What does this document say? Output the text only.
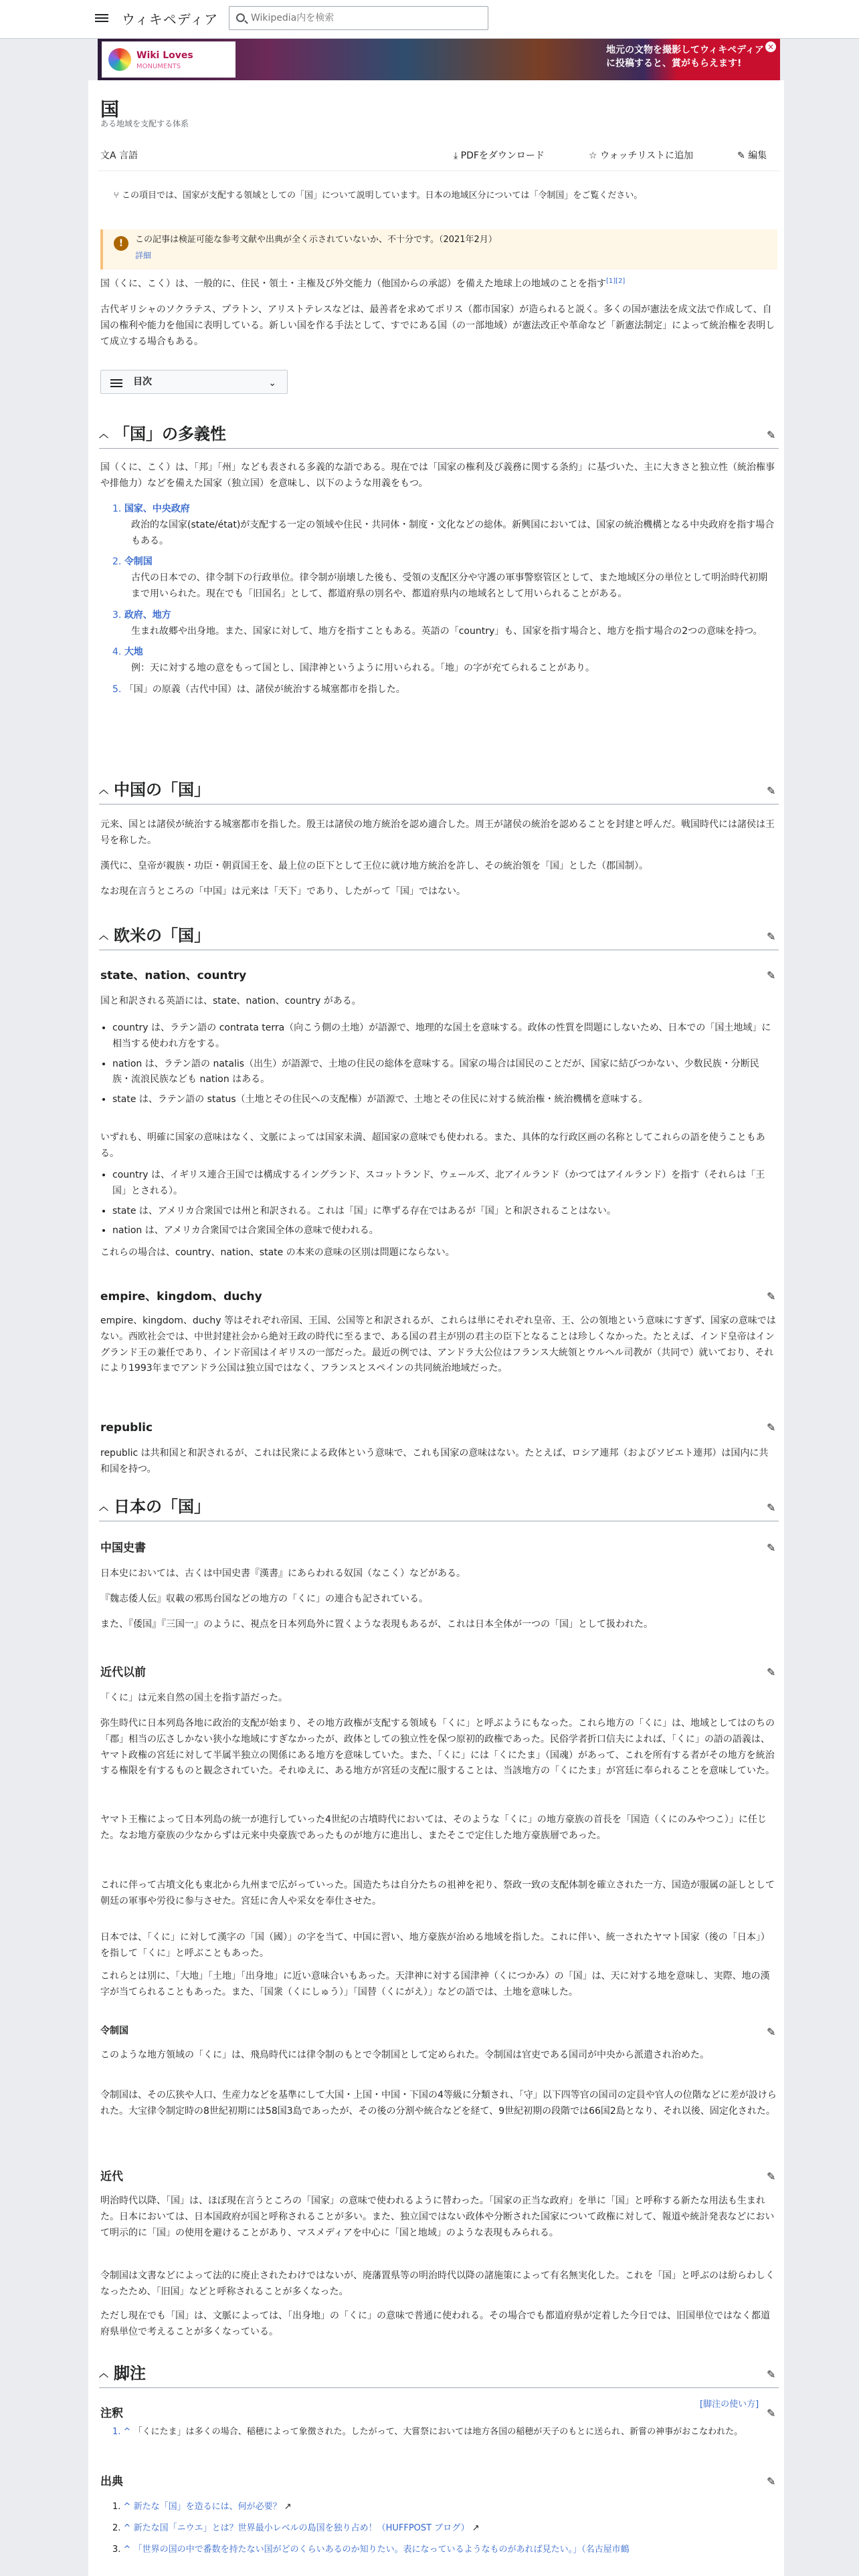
ウィキペディア
Wikipedia内を検索
Wiki Loves
MONUMENTS
地元の文物を撮影してウィキペディアに投稿すると、賞がもらえます!
×
国
ある地域を支配する体系
文A 言語	⤓ PDFをダウンロード	☆ ウォッチリストに追加	✎ 編集
⑂ この項目では、国家が支配する領域としての「国」について説明しています。日本の地域区分については「令制国」をご覧ください。
!	この記事は検証可能な参考文献や出典が全く示されていないか、不十分です。（2021年2月）
詳細

国（くに、こく）は、一般的に、住民・領土・主権及び外交能力（他国からの承認）を備えた地球上の地域のことを指す[1][2]

古代ギリシャのソクラテス、プラトン、アリストテレスなどは、最善者を求めてポリス（都市国家）が造られると説く。多くの国が憲法を成文法で作成して、自国の権利や能力を他国に表明している。新しい国を作る手法として、すでにある国（の一部地域）が憲法改正や革命など「新憲法制定」によって統治権を表明して成立する場合もある。

目次	⌄
︿ 「国」の多義性	✎

国（くに、こく）は、「邦」「州」なども表される多義的な語である。現在では「国家の権利及び義務に関する条約」に基づいた、主に大きさと独立性（統治権事や排他力）などを備えた国家（独立国）を意味し、以下のような用義をもつ。

1. 国家、中央政府
政治的な国家(state/état)が支配する一定の領域や住民・共同体・制度・文化などの総体。新興国においては、国家の統治機構となる中央政府を指す場合もある。
2. 令制国
古代の日本での、律令制下の行政単位。律令制が崩壊した後も、受領の支配区分や守護の軍事警察管区として、また地域区分の単位として明治時代初期まで用いられた。現在でも「旧国名」として、都道府県の別名や、都道府県内の地域名として用いられることがある。
3. 政府、地方
生まれ故郷や出身地。また、国家に対して、地方を指すこともある。英語の「country」も、国家を指す場合と、地方を指す場合の2つの意味を持つ。
4. 大地
例：天に対する地の意をもって国とし、国津神というように用いられる。「地」の字が充てられることがあり。
5. 「国」の原義（古代中国）は、諸侯が統治する城塞都市を指した。
︿ 中国の「国」	✎

元来、国とは諸侯が統治する城塞都市を指した。殷王は諸侯の地方統治を認め適合した。周王が諸侯の統治を認めることを封建と呼んだ。戦国時代には諸侯は王号を称した。

漢代に、皇帝が親族・功臣・朝貢国王を、最上位の臣下として王位に就け地方統治を許し、その統治領を「国」とした（郡国制）。

なお現在言うところの「中国」は元来は「天下」であり、したがって「国」ではない。

︿ 欧米の「国」	✎
state、nation、country	✎

国と和訳される英語には、state、nation、country がある。

• country は、ラテン語の contrata terra（向こう側の土地）が語源で、地理的な国土を意味する。政体の性質を問題にしないため、日本での「国土地域」に相当する使われ方をする。
• nation は、ラテン語の natalis（出生）が語源で、土地の住民の総体を意味する。国家の場合は国民のことだが、国家に結びつかない、少数民族・分断民族・流浪民族なども nation はある。
• state は、ラテン語の status（土地とその住民への支配権）が語源で、土地とその住民に対する統治権・統治機構を意味する。

いずれも、明確に国家の意味はなく、文脈によっては国家未満、超国家の意味でも使われる。また、具体的な行政区画の名称としてこれらの語を使うこともある。

• country は、イギリス連合王国では構成するイングランド、スコットランド、ウェールズ、北アイルランド（かつてはアイルランド）を指す（それらは「王国」とされる）。
• state は、アメリカ合衆国では州と和訳される。これは「国」に準ずる存在ではあるが「国」と和訳されることはない。
• nation は、アメリカ合衆国では合衆国全体の意味で使われる。

これらの場合は、country、nation、state の本来の意味の区別は問題にならない。

empire、kingdom、duchy	✎

empire、kingdom、duchy 等はそれぞれ帝国、王国、公国等と和訳されるが、これらは単にそれぞれ皇帝、王、公の領地という意味にすぎず、国家の意味ではない。西欧社会では、中世封建社会から絶対王政の時代に至るまで、ある国の君主が別の君主の臣下となることは珍しくなかった。たとえば、インド皇帝はイングランド王の兼任であり、インド帝国はイギリスの一部だった。最近の例では、アンドラ大公位はフランス大統領とウルヘル司教が（共同で）就いており、それにより1993年までアンドラ公国は独立国ではなく、フランスとスペインの共同統治地域だった。

republic	✎

republic は共和国と和訳されるが、これは民衆による政体という意味で、これも国家の意味はない。たとえば、ロシア連邦（およびソビエト連邦）は国内に共和国を持つ。

︿ 日本の「国」	✎
中国史書	✎

日本史においては、古くは中国史書『漢書』にあらわれる奴国（なこく）などがある。

『魏志倭人伝』収載の邪馬台国などの地方の「くに」の連合も記されている。

また、『倭国』『三国一』のように、視点を日本列島外に置くような表現もあるが、これは日本全体が一つの「国」として扱われた。

近代以前	✎

「くに」は元来自然の国土を指す語だった。

弥生時代に日本列島各地に政治的支配が始まり、その地方政権が支配する領域も「くに」と呼ぶようにもなった。これら地方の「くに」は、地域としてはのちの「郡」相当の広さしかない狭小な地域にすぎなかったが、政体としての独立性を保つ原初的政権であった。民俗学者折口信夫によれば、「くに」の語の語義は、ヤマト政権の宮廷に対して半属半独立の関係にある地方を意味していた。また、「くに」には「くにたま」（国魂）があって、これを所有する者がその地方を統治する権限を有するものと観念されていた。それゆえに、ある地方が宮廷の支配に服することは、当該地方の「くにたま」が宮廷に奉られることを意味していた。

ヤマト王権によって日本列島の統一が進行していった4世紀の古墳時代においては、そのような「くに」の地方豪族の首長を「国造（くにのみやつこ）」に任じた。なお地方豪族の少なからずは元来中央豪族であったものが地方に進出し、またそこで定住した地方豪族層であった。

これに伴って古墳文化も東北から九州まで広がっていった。国造たちは自分たちの祖神を祀り、祭政一致の支配体制を確立された一方、国造が服属の証しとして朝廷の軍事や労役に参与させた。宮廷に舎人や采女を奉仕させた。

日本では、「くに」に対して漢字の「国（國）」の字を当て、中国に習い、地方豪族が治める地域を指した。これに伴い、統一されたヤマト国家（後の「日本」）を指して「くに」と呼ぶこともあった。

これらとは別に、「大地」「土地」「出身地」に近い意味合いもあった。天津神に対する国津神（くにつかみ）の「国」は、天に対する地を意味し、実際、地の漢字が当てられることもあった。また、「国衆（くにしゅう）」「国替（くにがえ）」などの語では、土地を意味した。

令制国	✎

このような地方領域の「くに」は、飛鳥時代には律令制のもとで令制国として定められた。令制国は官吏である国司が中央から派遣され治めた。

令制国は、その広狭や人口、生産力などを基準にして大国・上国・中国・下国の4等級に分類され、「守」以下四等官の国司の定員や官人の位階などに差が設けられた。大宝律令制定時の8世紀初期には58国3島であったが、その後の分割や統合などを経て、9世紀初期の段階では66国2島となり、それ以後、固定化された。

近代	✎

明治時代以降、「国」は、ほぼ現在言うところの「国家」の意味で使われるように替わった。「国家の正当な政府」を単に「国」と呼称する新たな用法も生まれた。日本においては、日本国政府が国と呼称されることが多い。また、独立国ではない政体や分断された国家について政権に対して、報道や統計発表などにおいて明示的に「国」の使用を避けることがあり、マスメディアを中心に「国と地域」のような表現もみられる。

令制国は文書などによって法的に廃止されたわけではないが、廃藩置県等の明治時代以降の諸施策によって有名無実化した。これを「国」と呼ぶのは紛らわしくなったため、「旧国」などと呼称されることが多くなった。

ただし現在でも「国」は、文脈によっては、「出身地」の「くに」の意味で普通に使われる。その場合でも都道府県が定着した今日では、旧国単位ではなく都道府県単位で考えることが多くなっている。

︿ 脚注	✎
注釈	✎
[脚注の使い方]

1. ^ 「くにたま」は多くの場合、稲穂によって象徴された。したがって、大嘗祭においては地方各国の稲穂が天子のもとに送られ、新嘗の神事がおこなわれた。

出典	✎
1. ^ 新たな「国」を造るには、何が必要？ ↗
2. ^ 新たな国「ニウエ」とは？世界最小レベルの島国を独り占め！（HUFFPOST ブログ） ↗
3. ^ 「世界の国の中で番数を持たない国がどのくらいあるのか知りたい。表になっているようなものがあれば見たい。」（名古屋市鶴
